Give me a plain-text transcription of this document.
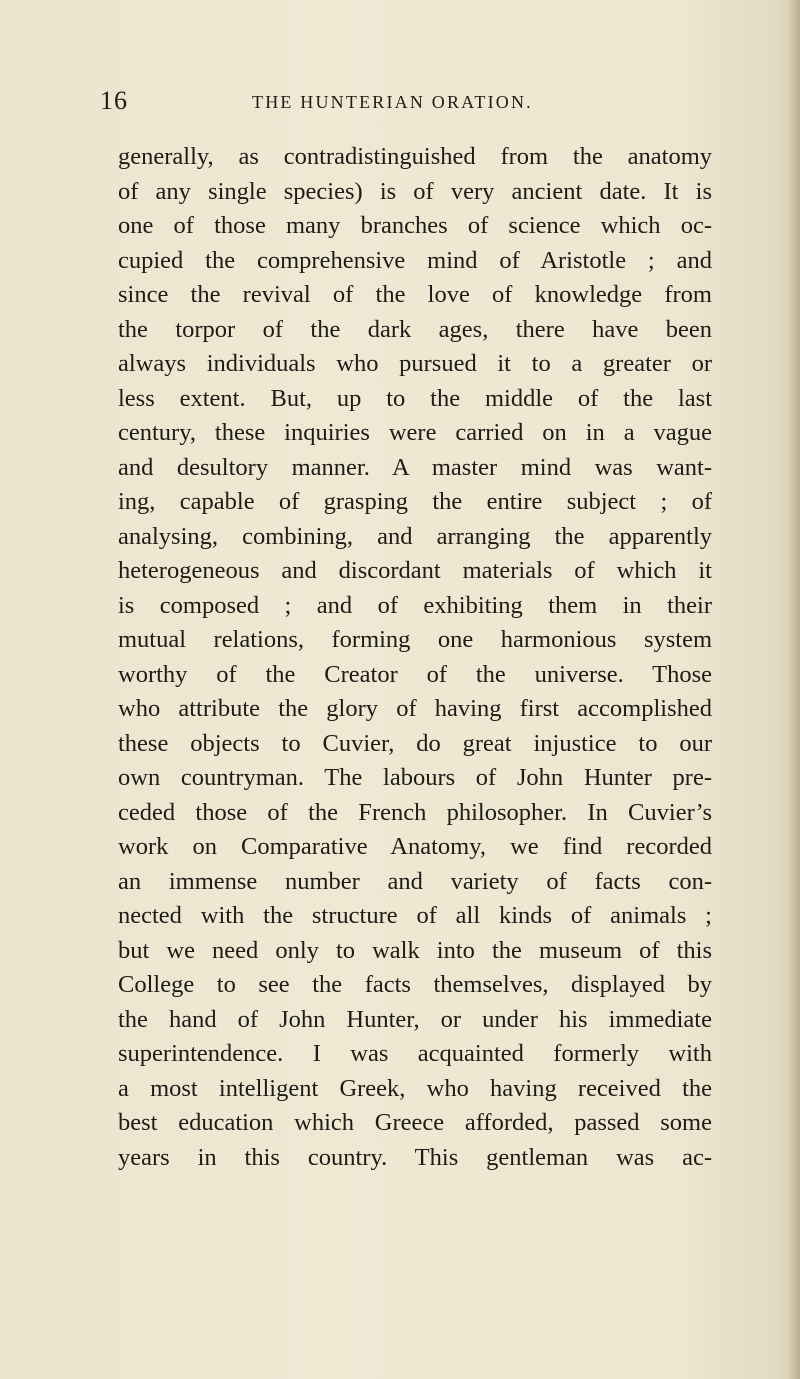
16	THE HUNTERIAN ORATION.
generally, as contradistinguished from the anatomy
of any single species) is of very ancient date. It is
one of those many branches of science which oc-
cupied the comprehensive mind of Aristotle ; and
since the revival of the love of knowledge from
the torpor of the dark ages, there have been
always individuals who pursued it to a greater or
less extent. But, up to the middle of the last
century, these inquiries were carried on in a vague
and desultory manner. A master mind was want-
ing, capable of grasping the entire subject ; of
analysing, combining, and arranging the apparently
heterogeneous and discordant materials of which it
is composed ; and of exhibiting them in their
mutual relations, forming one harmonious system
worthy of the Creator of the universe. Those
who attribute the glory of having first accomplished
these objects to Cuvier, do great injustice to our
own countryman. The labours of John Hunter pre-
ceded those of the French philosopher. In Cuvier’s
work on Comparative Anatomy, we find recorded
an immense number and variety of facts con-
nected with the structure of all kinds of animals ;
but we need only to walk into the museum of this
College to see the facts themselves, displayed by
the hand of John Hunter, or under his immediate
superintendence. I was acquainted formerly with
a most intelligent Greek, who having received the
best education which Greece afforded, passed some
years in this country. This gentleman was ac-
